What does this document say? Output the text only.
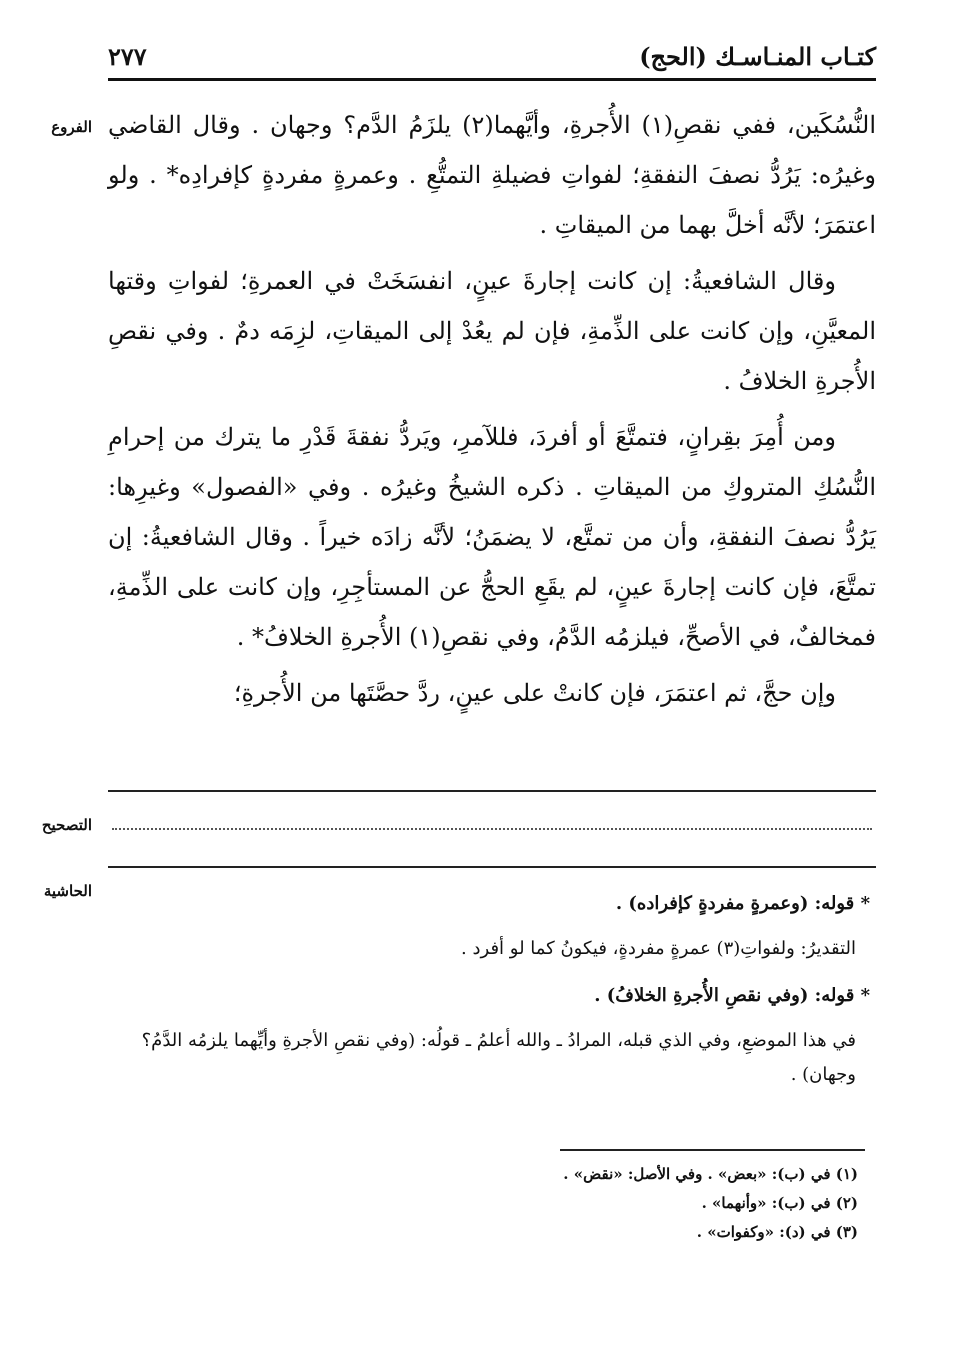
كتـاب المنـاسـك (الحج)
٢٧٧
الفروع النُّسُكَين، ففي نقصِ(١) الأُجرةِ، وأيَّهما(٢) يلزَمُ الدَّم؟ وجهان . وقال القاضي وغيرُه: يَرُدُّ نصفَ النفقةِ؛ لفواتِ فضيلةِ التمتُّعِ . وعمرةٍ مفردةٍ كإفرادِه* . ولو اعتمَرَ؛ لأنَّه أخلَّ بهما من الميقاتِ .

وقال الشافعيةُ: إن كانت إجارةَ عينٍ، انفسَخَتْ في العمرةِ؛ لفواتِ وقتها المعيَّنِ، وإن كانت على الذِّمةِ، فإن لم يعُدْ إلى الميقاتِ، لزِمَه دمٌ . وفي نقصِ الأُجرةِ الخلافُ .

ومن أُمِرَ بقِرانٍ، فتمتَّعَ أو أفردَ، فللآمرِ، ويَردُّ نفقةَ قَدْرِ ما يترك من إحرامِ النُّسُكِ المتروكِ من الميقاتِ . ذكره الشيخُ وغيرُه . وفي «الفصول» وغيرِها: يَرُدُّ نصفَ النفقةِ، وأن من تمتَّع، لا يضمَنُ؛ لأنَّه زادَه خيراً . وقال الشافعيةُ: إن تمتَّعَ، فإن كانت إجارةَ عينٍ، لم يقَعِ الحجُّ عن المستأجِرِ، وإن كانت على الذِّمةِ، فمخالفٌ، في الأصحِّ، فيلزمُه الدَّمُ، وفي نقصِ(١) الأُجرةِ الخلافُ* .

وإن حجَّ، ثم اعتمَرَ، فإن كانتْ على عينٍ، ردَّ حصَّتَها من الأُجرةِ؛

التصحيح
الحاشية
* قوله: (وعمرةٍ مفردةٍ كإفراده) .
التقديرُ: ولفواتِ(٣) عمرةٍ مفردةٍ، فيكونُ كما لو أفرد .
* قوله: (وفي نقصِ الأُجرةِ الخلافُ) .
في هذا الموضعِ، وفي الذي قبله، المرادُ ـ والله أعلمُ ـ قولُه: (وفي نقصِ الأجرةِ وأيِّهما يلزمُه الدَّمُ؟ وجهان) .
(١) في (ب): «بعض» . وفي الأصل: «نقض» .
(٢) في (ب): «وأنهما» .
(٣) في (د): «وكفوات» .
